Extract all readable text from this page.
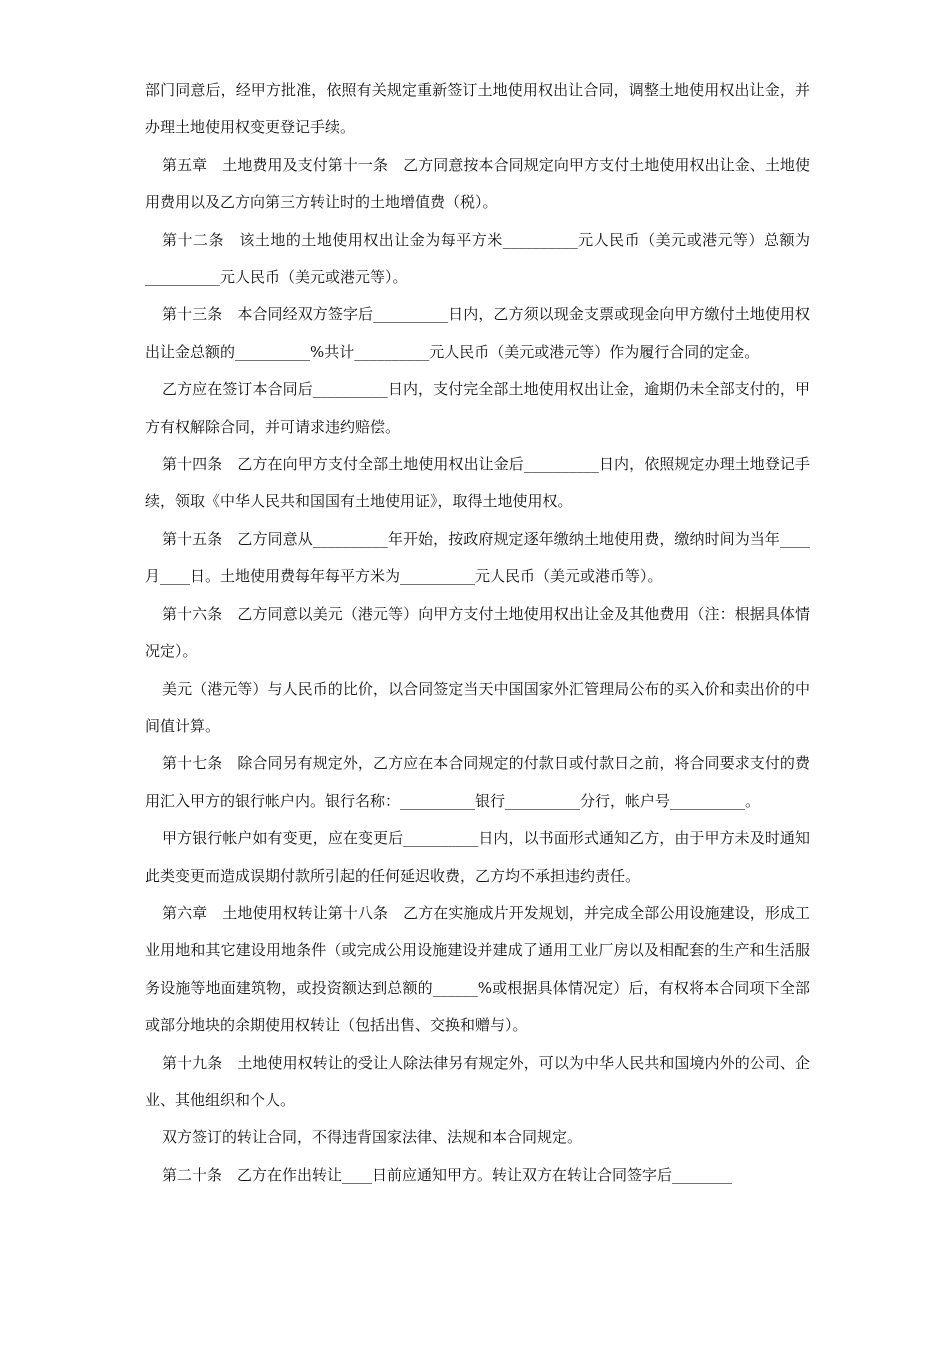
部门同意后，经甲方批准，依照有关规定重新签订土地使用权出让合同，调整土地使用权出让金，并办理土地使用权变更登记手续。

第五章　土地费用及支付第十一条　乙方同意按本合同规定向甲方支付土地使用权出让金、土地使用费用以及乙方向第三方转让时的土地增值费（税）。

第十二条　该土地的土地使用权出让金为每平方米__________元人民币（美元或港元等）总额为__________元人民币（美元或港元等）。

第十三条　本合同经双方签字后__________日内，乙方须以现金支票或现金向甲方缴付土地使用权出让金总额的__________%共计__________元人民币（美元或港元等）作为履行合同的定金。

乙方应在签订本合同后__________日内，支付完全部土地使用权出让金，逾期仍未全部支付的，甲方有权解除合同，并可请求违约赔偿。

第十四条　乙方在向甲方支付全部土地使用权出让金后__________日内，依照规定办理土地登记手续，领取《中华人民共和国国有土地使用证》，取得土地使用权。

第十五条　乙方同意从__________年开始，按政府规定逐年缴纳土地使用费，缴纳时间为当年____月____日。土地使用费每年每平方米为__________元人民币（美元或港币等）。

第十六条　乙方同意以美元（港元等）向甲方支付土地使用权出让金及其他费用（注：根据具体情况定）。

美元（港元等）与人民币的比价，以合同签定当天中国国家外汇管理局公布的买入价和卖出价的中间值计算。

第十七条　除合同另有规定外，乙方应在本合同规定的付款日或付款日之前，将合同要求支付的费用汇入甲方的银行帐户内。银行名称：__________银行__________分行，帐户号__________。

甲方银行帐户如有变更，应在变更后__________日内，以书面形式通知乙方，由于甲方未及时通知此类变更而造成误期付款所引起的任何延迟收费，乙方均不承担违约责任。

第六章　土地使用权转让第十八条　乙方在实施成片开发规划，并完成全部公用设施建设，形成工业用地和其它建设用地条件（或完成公用设施建设并建成了通用工业厂房以及相配套的生产和生活服务设施等地面建筑物，或投资额达到总额的______%或根据具体情况定）后，有权将本合同项下全部或部分地块的余期使用权转让（包括出售、交换和赠与）。

第十九条　土地使用权转让的受让人除法律另有规定外，可以为中华人民共和国境内外的公司、企业、其他组织和个人。

双方签订的转让合同，不得违背国家法律、法规和本合同规定。

第二十条　乙方在作出转让____日前应通知甲方。转让双方在转让合同签字后________
